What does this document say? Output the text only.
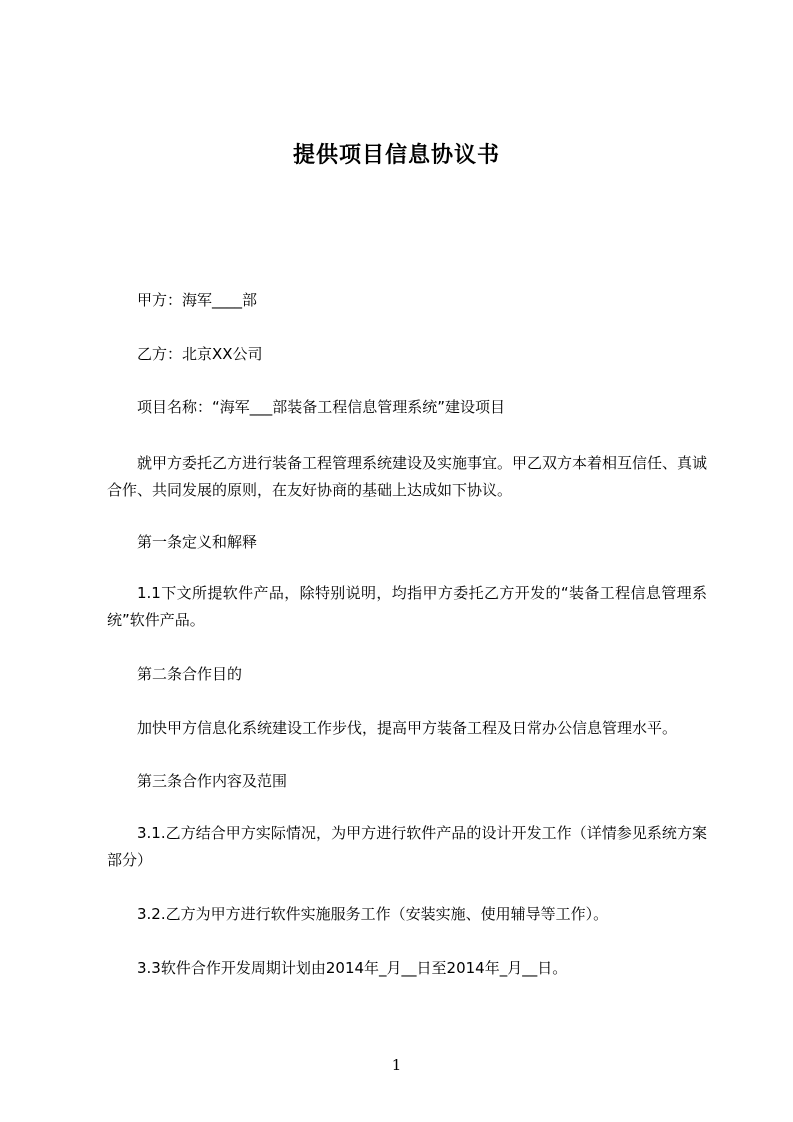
提供项目信息协议书
甲方：海军____部
乙方：北京XX公司
项目名称：“海军___部装备工程信息管理系统”建设项目
就甲方委托乙方进行装备工程管理系统建设及实施事宜。甲乙双方本着相互信任、真诚合作、共同发展的原则，在友好协商的基础上达成如下协议。
第一条定义和解释
1.1下文所提软件产品，除特别说明，均指甲方委托乙方开发的“装备工程信息管理系统”软件产品。
第二条合作目的
加快甲方信息化系统建设工作步伐，提高甲方装备工程及日常办公信息管理水平。
第三条合作内容及范围
3.1.乙方结合甲方实际情况，为甲方进行软件产品的设计开发工作（详情参见系统方案部分）
3.2.乙方为甲方进行软件实施服务工作（安装实施、使用辅导等工作）。
3.3软件合作开发周期计划由2014年_月__日至2014年_月__日。
1
